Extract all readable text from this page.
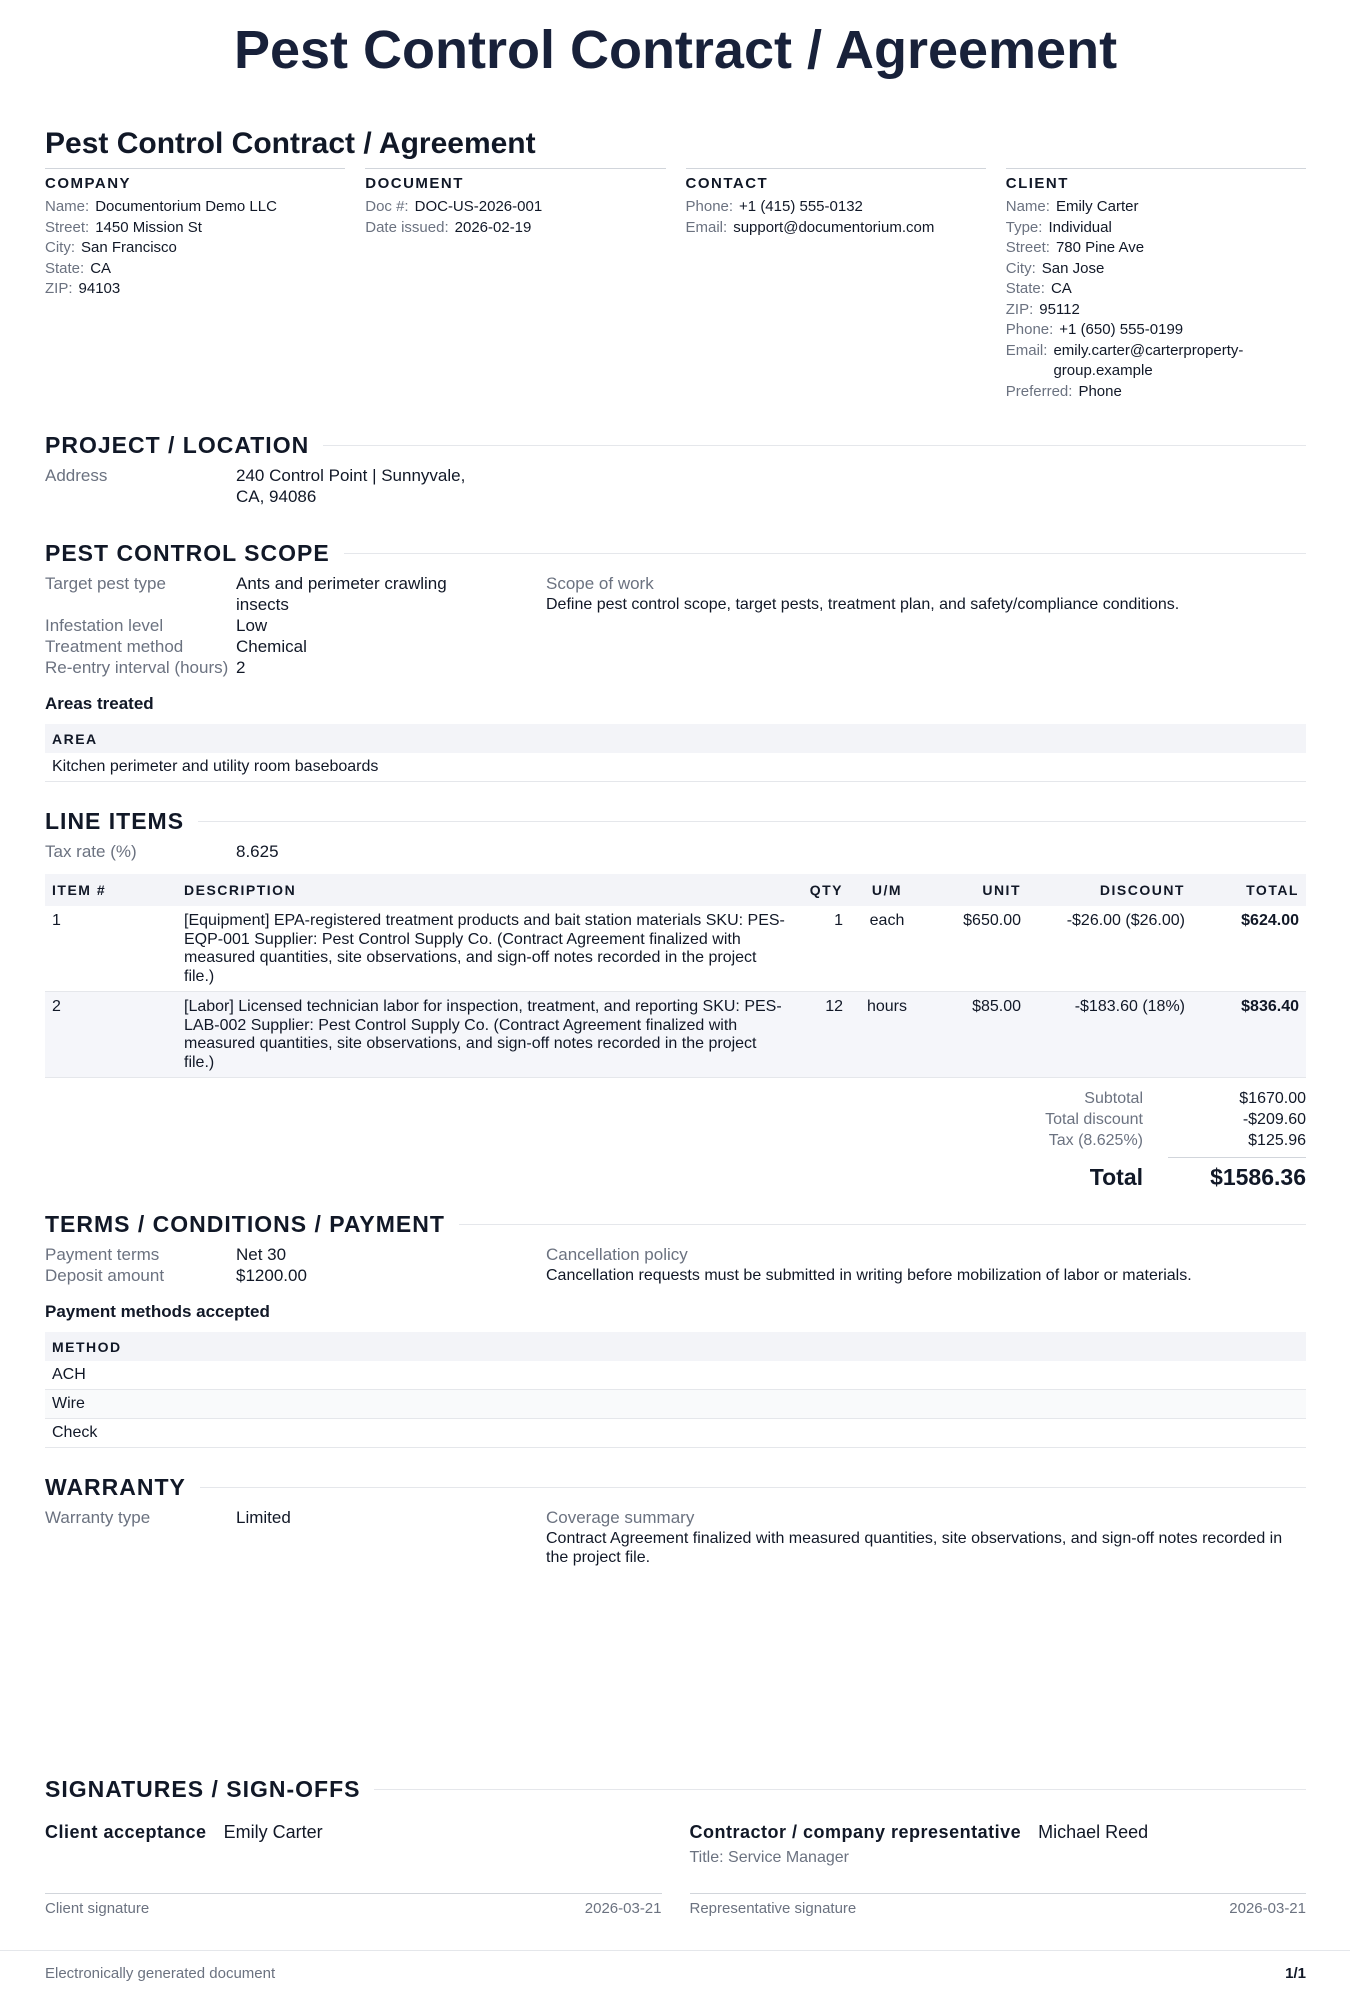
Pest Control Contract / Agreement
Pest Control Contract / Agreement
COMPANY
Name: Documentorium Demo LLC
Street: 1450 Mission St
City: San Francisco
State: CA
ZIP: 94103
DOCUMENT
Doc #: DOC-US-2026-001
Date issued: 2026-02-19
CONTACT
Phone: +1 (415) 555-0132
Email: support@documentorium.com
CLIENT
Name: Emily Carter
Type: Individual
Street: 780 Pine Ave
City: San Jose
State: CA
ZIP: 95112
Phone: +1 (650) 555-0199
Email: emily.carter@carterproperty-group.example
Preferred: Phone
PROJECT / LOCATION
Address	240 Control Point | Sunnyvale, CA, 94086
PEST CONTROL SCOPE
Target pest type	Ants and perimeter crawling insects
Infestation level	Low
Treatment method	Chemical
Re-entry interval (hours) 2
Scope of work
Define pest control scope, target pests, treatment plan, and safety/compliance conditions.
Areas treated
AREA
Kitchen perimeter and utility room baseboards
LINE ITEMS
Tax rate (%)	8.625
ITEM #	DESCRIPTION	QTY	U/M	UNIT	DISCOUNT	TOTAL
1	[Equipment] EPA-registered treatment products and bait station materials SKU: PES-EQP-001 Supplier: Pest Control Supply Co. (Contract Agreement finalized with measured quantities, site observations, and sign-off notes recorded in the project file.)	1	each	$650.00	-$26.00 ($26.00)	$624.00
2	[Labor] Licensed technician labor for inspection, treatment, and reporting SKU: PES-LAB-002 Supplier: Pest Control Supply Co. (Contract Agreement finalized with measured quantities, site observations, and sign-off notes recorded in the project file.)	12	hours	$85.00	-$183.60 (18%)	$836.40
Subtotal	$1670.00
Total discount	-$209.60
Tax (8.625%)	$125.96
Total	$1586.36
TERMS / CONDITIONS / PAYMENT
Payment terms	Net 30
Deposit amount	$1200.00
Cancellation policy
Cancellation requests must be submitted in writing before mobilization of labor or materials.
Payment methods accepted
METHOD
ACH
Wire
Check
WARRANTY
Warranty type	Limited	Coverage summary
Contract Agreement finalized with measured quantities, site observations, and sign-off notes recorded in the project file.
SIGNATURES / SIGN-OFFS
Client acceptance Emily Carter
Client signature	2026-03-21
Contractor / company representative Michael Reed
Title: Service Manager
Representative signature	2026-03-21
Electronically generated document	1/1
